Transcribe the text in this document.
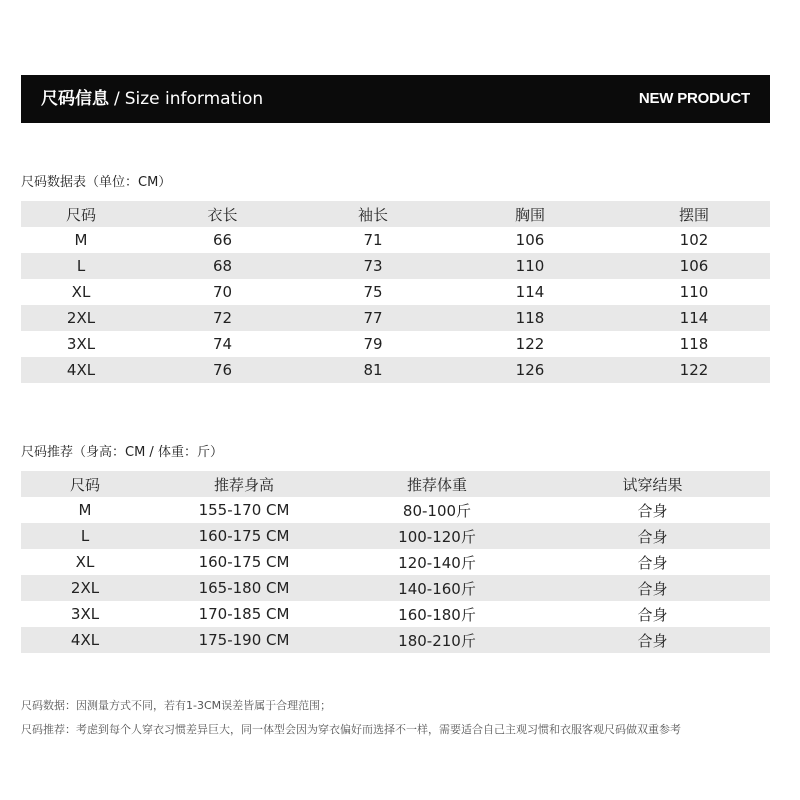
尺码信息 / Size information	NEW PRODUCT
尺码数据表（单位：CM）
尺码	衣长	袖长	胸围	摆围
M	66	71	106	102
L	68	73	110	106
XL	70	75	114	110
2XL	72	77	118	114
3XL	74	79	122	118
4XL	76	81	126	122
尺码推荐（身高：CM / 体重：斤）
尺码	推荐身高	推荐体重	试穿结果
M	155-170 CM	80-100斤	合身
L	160-175 CM	100-120斤	合身
XL	160-175 CM	120-140斤	合身
2XL	165-180 CM	140-160斤	合身
3XL	170-185 CM	160-180斤	合身
4XL	175-190 CM	180-210斤	合身
尺码数据：因测量方式不同，若有1-3CM误差皆属于合理范围；
尺码推荐：考虑到每个人穿衣习惯差异巨大，同一体型会因为穿衣偏好而选择不一样，需要适合自己主观习惯和衣服客观尺码做双重参考
